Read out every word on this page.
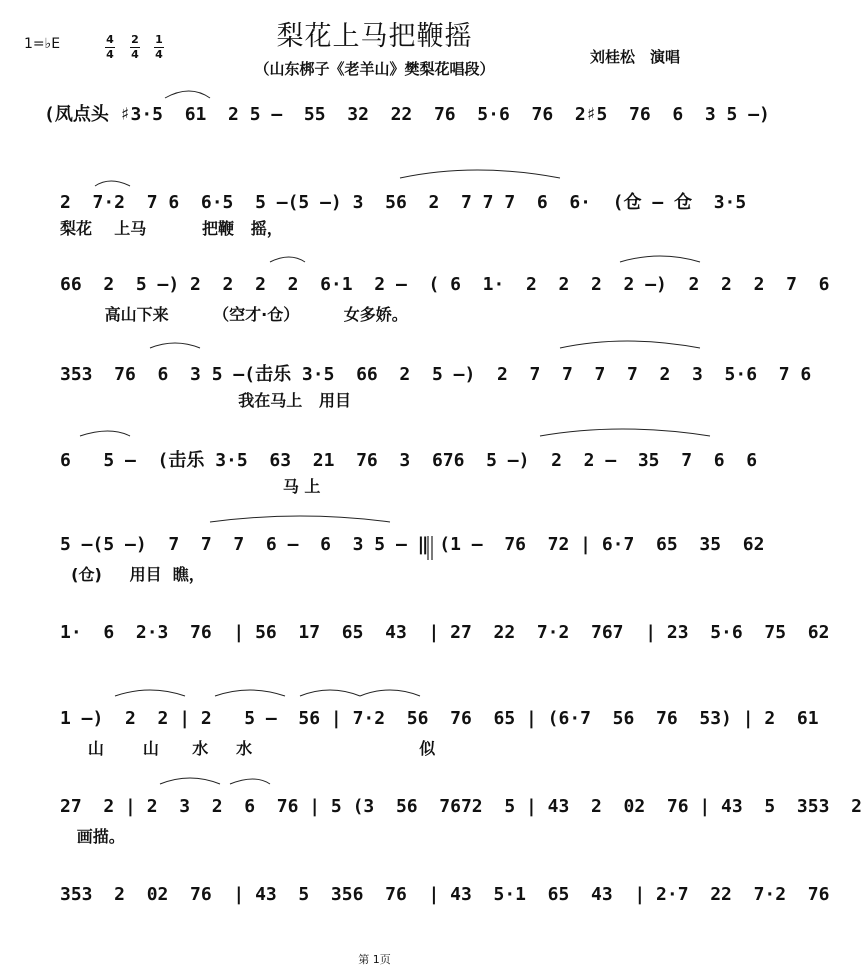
梨花上马把鞭摇
（山东梆子《老羊山》樊梨花唱段）
刘桂松　演唱
1=♭E	4
4
2
4
1
4
(凤点头 ♯3·5  61  2 5 –  55  32  22  76  5·6  76  2♯5  76  6  3 5 –)
2  7·2  7 6  6·5  5 –(5 –) 3  56  2  7 7 7  6  6·  (仓 – 仓  3·5
梨花    上马          把鞭   摇，
66  2  5 –) 2  2  2  2  6·1  2 –  ( 6  1·  2  2  2  2 –)  2  2  2  7  6
高山下来        （空才·仓）        女多娇。
353  76  6  3 5 –(击乐 3·5  66  2  5 –)  2  7  7  7  7  2  3  5·6  7 6
我在马上   用目
6   5 –  (击乐 3·5  63  21  76  3  676  5 –)  2  2 –  35  7  6  6
马 上
5 –(5 –)  7  7  7  6 –  6  3 5 – ‖ (1 –  76  72 | 6·7  65  35  62
(仓)     用目  瞧，
1·  6  2·3  76  | 56  17  65  43  | 27  22  7·2  767  | 23  5·6  75  62
1 –)  2  2 | 2   5 –  56 | 7·2  56  76  65 | (6·7  56  76  53) | 2  61
山       山      水     水                              似
27  2 | 2  3  2  6  76 | 5 (3  56  7672  5 | 43  2  02  76 | 43  5  353  2
画描。
353  2  02  76  | 43  5  356  76  | 43  5·1  65  43  | 2·7  22  7·2  76
第 1页
